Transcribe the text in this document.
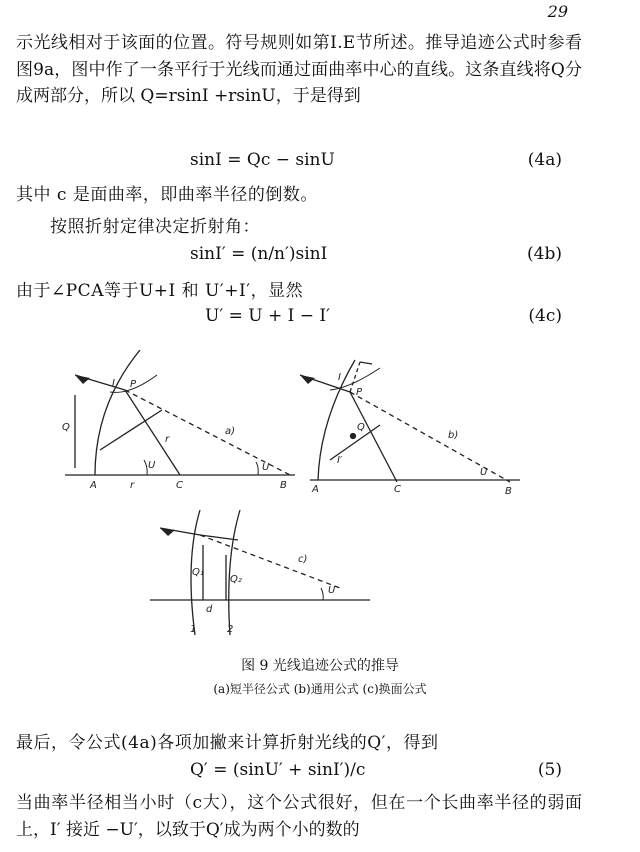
29
示光线相对于该面的位置。符号规则如第Ⅰ.E节所述。推导追迹公式时参看图9a，图中作了一条平行于光线而通过面曲率中心的直线。这条直线将Q分成两部分，所以 Q=rsinI +rsinU，于是得到
sinI = Qc − sinU	(4a)
其中 c 是面曲率，即曲率半径的倒数。
按照折射定律决定折射角：
sinI′ = (n/n′)sinI	(4b)
由于∠PCA等于U+I 和 U′+I′，显然
U′ = U + I − I′	(4c)
P
Q
I
U
r
r
A	C	B
U
a)
P
Q
I
A	C	B
U
I′
b)
Q₁
Q₂
d
1	2
U
c)
图 9 光线追迹公式的推导
(a)短半径公式 (b)通用公式 (c)换面公式
最后，令公式(4a)各项加撇来计算折射光线的Q′，得到
Q′ = (sinU′ + sinI′)/c	(5)
当曲率半径相当小时（c大），这个公式很好，但在一个长曲率半径的弱面上，I′ 接近 −U′，以致于Q′成为两个小的数的
